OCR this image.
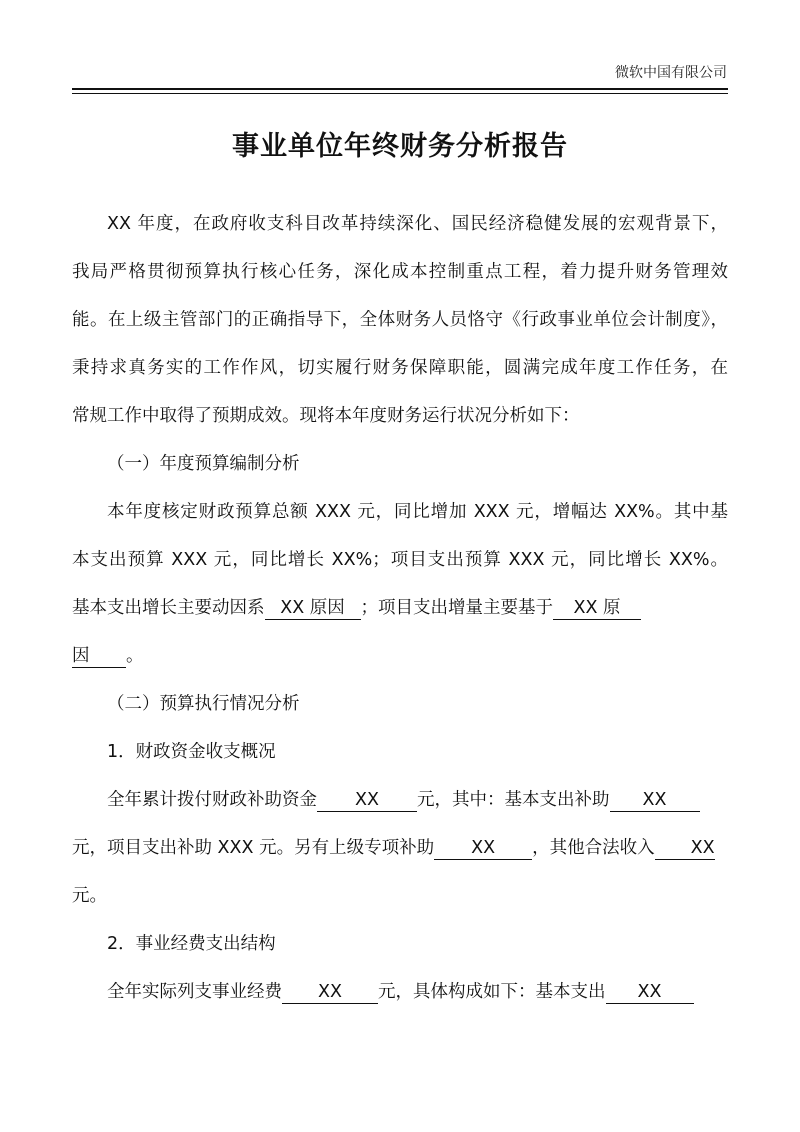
微软中国有限公司
事业单位年终财务分析报告
XX 年度，在政府收支科目改革持续深化、国民经济稳健发展的宏观背景下，
我局严格贯彻预算执行核心任务，深化成本控制重点工程，着力提升财务管理效
能。在上级主管部门的正确指导下，全体财务人员恪守《行政事业单位会计制度》，
秉持求真务实的工作作风，切实履行财务保障职能，圆满完成年度工作任务，在
常规工作中取得了预期成效。现将本年度财务运行状况分析如下：
（一）年度预算编制分析
本年度核定财政预算总额 XXX 元，同比增加 XXX 元，增幅达 XX%。其中基
本支出预算 XXX 元，同比增长 XX%；项目支出预算 XXX 元，同比增长 XX%。
基本支出增长主要动因系 XX 原因 ；项目支出增量主要基于 XX 原
因 。
（二）预算执行情况分析
1．财政资金收支概况
全年累计拨付财政补助资金 XX 元，其中：基本支出补助 XX
元，项目支出补助 XXX 元。另有上级专项补助 XX ，其他合法收入 XX
元。
2．事业经费支出结构
全年实际列支事业经费 XX 元，具体构成如下：基本支出 XX
